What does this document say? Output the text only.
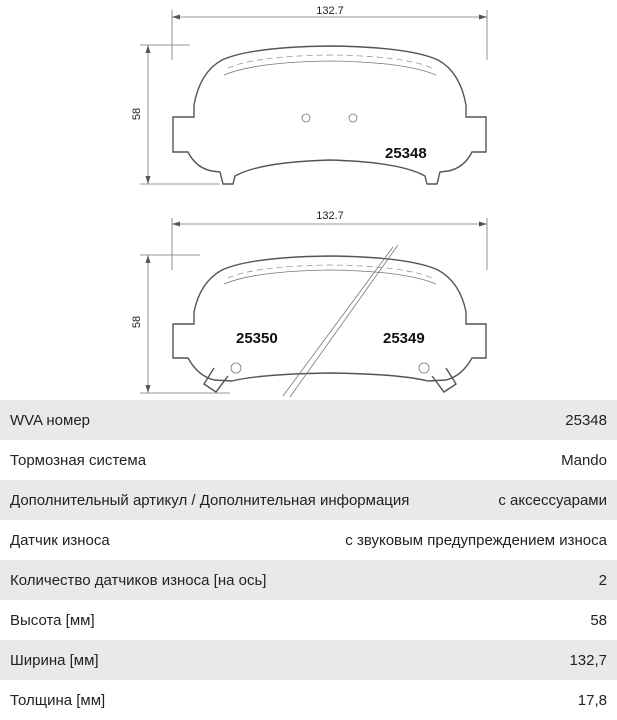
132.7
58
25348
132.7
58
25350	25349
WVA номер	25348
Тормозная система	Mando
Дополнительный артикул / Дополнительная информация	с аксессуарами
Датчик износа	с звуковым предупреждением износа
Количество датчиков износа [на ось]	2
Высота [мм]	58
Ширина [мм]	132,7
Толщина [мм]	17,8
